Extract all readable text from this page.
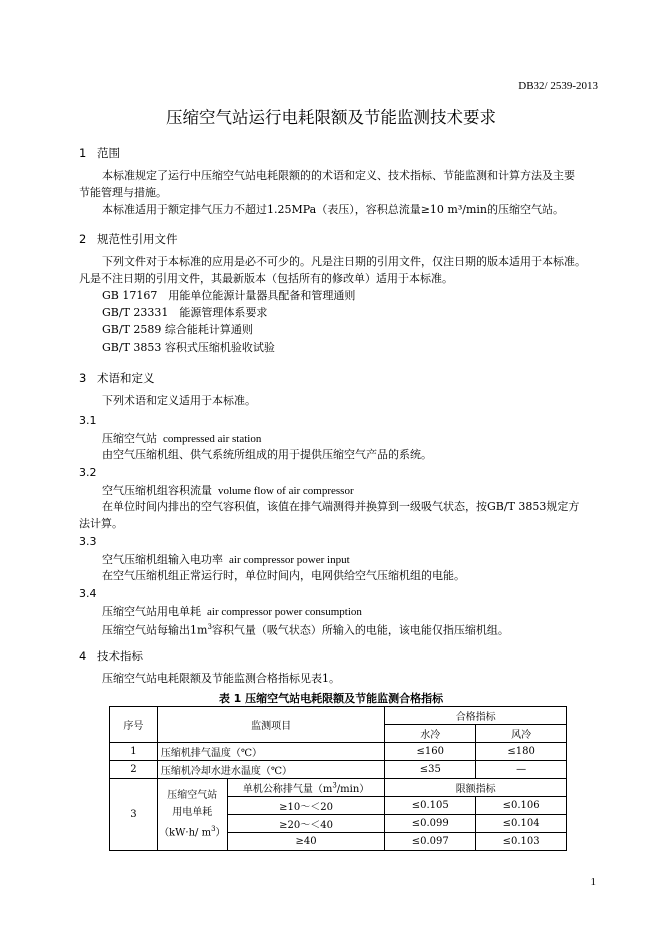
DB32/ 2539-2013
压缩空气站运行电耗限额及节能监测技术要求
1 范围
本标准规定了运行中压缩空气站电耗限额的的术语和定义、技术指标、节能监测和计算方法及主要
节能管理与措施。
本标准适用于额定排气压力不超过1.25MPa（表压），容积总流量≥10 m³/min的压缩空气站。
2 规范性引用文件
下列文件对于本标准的应用是必不可少的。凡是注日期的引用文件，仅注日期的版本适用于本标准。
凡是不注日期的引用文件，其最新版本（包括所有的修改单）适用于本标准。
GB 17167　用能单位能源计量器具配备和管理通则
GB/T 23331　能源管理体系要求
GB/T 2589 综合能耗计算通则
GB/T 3853 容积式压缩机验收试验
3 术语和定义
下列术语和定义适用于本标准。
3.1
压缩空气站 compressed air station
由空气压缩机组、供气系统所组成的用于提供压缩空气产品的系统。
3.2
空气压缩机组容积流量 volume flow of air compressor
在单位时间内排出的空气容积值，该值在排气端测得并换算到一级吸气状态，按GB/T 3853规定方
法计算。
3.3
空气压缩机组输入电功率 air compressor power input
在空气压缩机组正常运行时，单位时间内，电网供给空气压缩机组的电能。
3.4
压缩空气站用电单耗 air compressor power consumption
压缩空气站每输出$1m^3$容积气量（吸气状态）所输入的电能，该电能仅指压缩机组。
4 技术指标
压缩空气站电耗限额及节能监测合格指标见表1。
表 1 压缩空气站电耗限额及节能监测合格指标
序号	监测项目		合格指标	
			水冷	风冷
1	压缩机排气温度（℃）		≤160	≤180
2	压缩机冷却水进水温度（℃）		≤35	—
3	压缩空气站
用电单耗
（kW·h/ $m^3$）	单机公称排气量$(m^3/\min)$	限额指标	
		≥10～＜20	≤0.105	≤0.106
		≥20～＜40	≤0.099	≤0.104
		≥40	≤0.097	≤0.103
1
